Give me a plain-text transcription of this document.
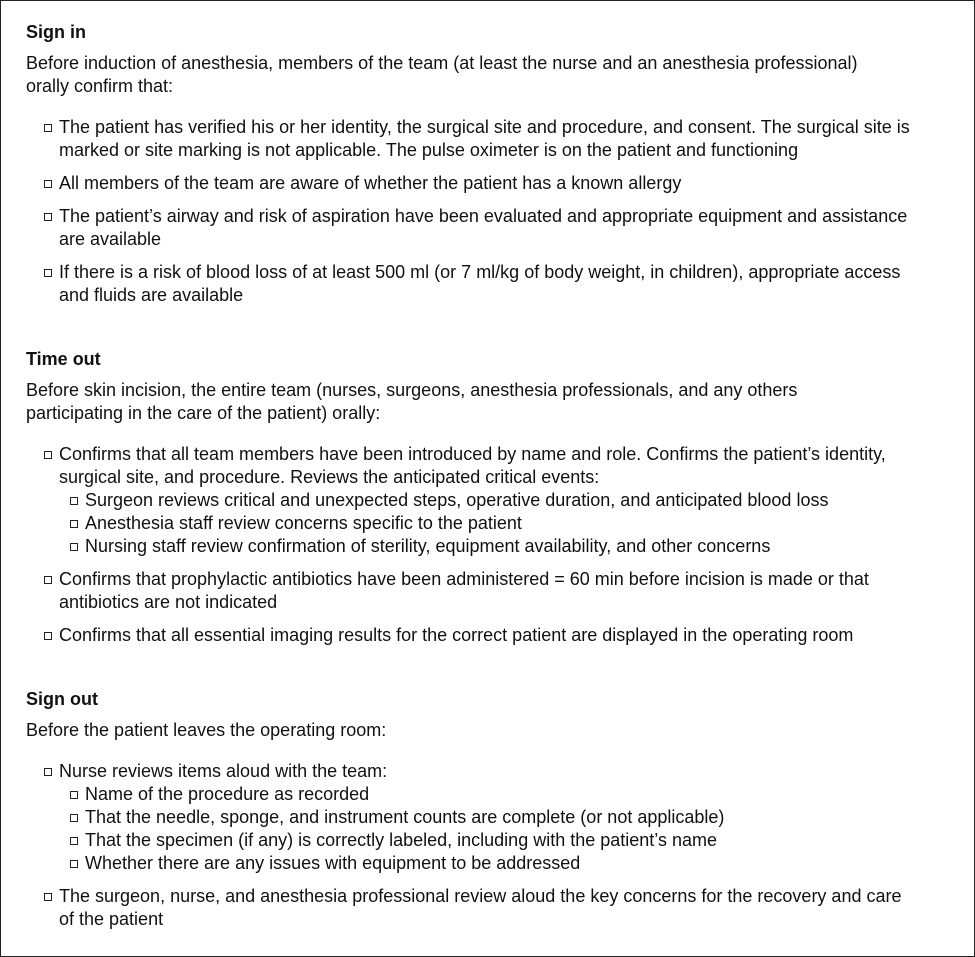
Sign in

Before induction of anesthesia, members of the team (at least the nurse and an anesthesia professional)
orally confirm that:

The patient has verified his or her identity, the surgical site and procedure, and consent. The surgical site is
marked or site marking is not applicable. The pulse oximeter is on the patient and functioning
All members of the team are aware of whether the patient has a known allergy
The patient’s airway and risk of aspiration have been evaluated and appropriate equipment and assistance
are available
If there is a risk of blood loss of at least 500 ml (or 7 ml/kg of body weight, in children), appropriate access
and fluids are available
Time out

Before skin incision, the entire team (nurses, surgeons, anesthesia professionals, and any others
participating in the care of the patient) orally:

Confirms that all team members have been introduced by name and role. Confirms the patient’s identity,
surgical site, and procedure. Reviews the anticipated critical events:
Surgeon reviews critical and unexpected steps, operative duration, and anticipated blood loss
Anesthesia staff review concerns specific to the patient
Nursing staff review confirmation of sterility, equipment availability, and other concerns
Confirms that prophylactic antibiotics have been administered = 60 min before incision is made or that
antibiotics are not indicated
Confirms that all essential imaging results for the correct patient are displayed in the operating room
Sign out

Before the patient leaves the operating room:

Nurse reviews items aloud with the team:
Name of the procedure as recorded
That the needle, sponge, and instrument counts are complete (or not applicable)
That the specimen (if any) is correctly labeled, including with the patient’s name
Whether there are any issues with equipment to be addressed
The surgeon, nurse, and anesthesia professional review aloud the key concerns for the recovery and care
of the patient
